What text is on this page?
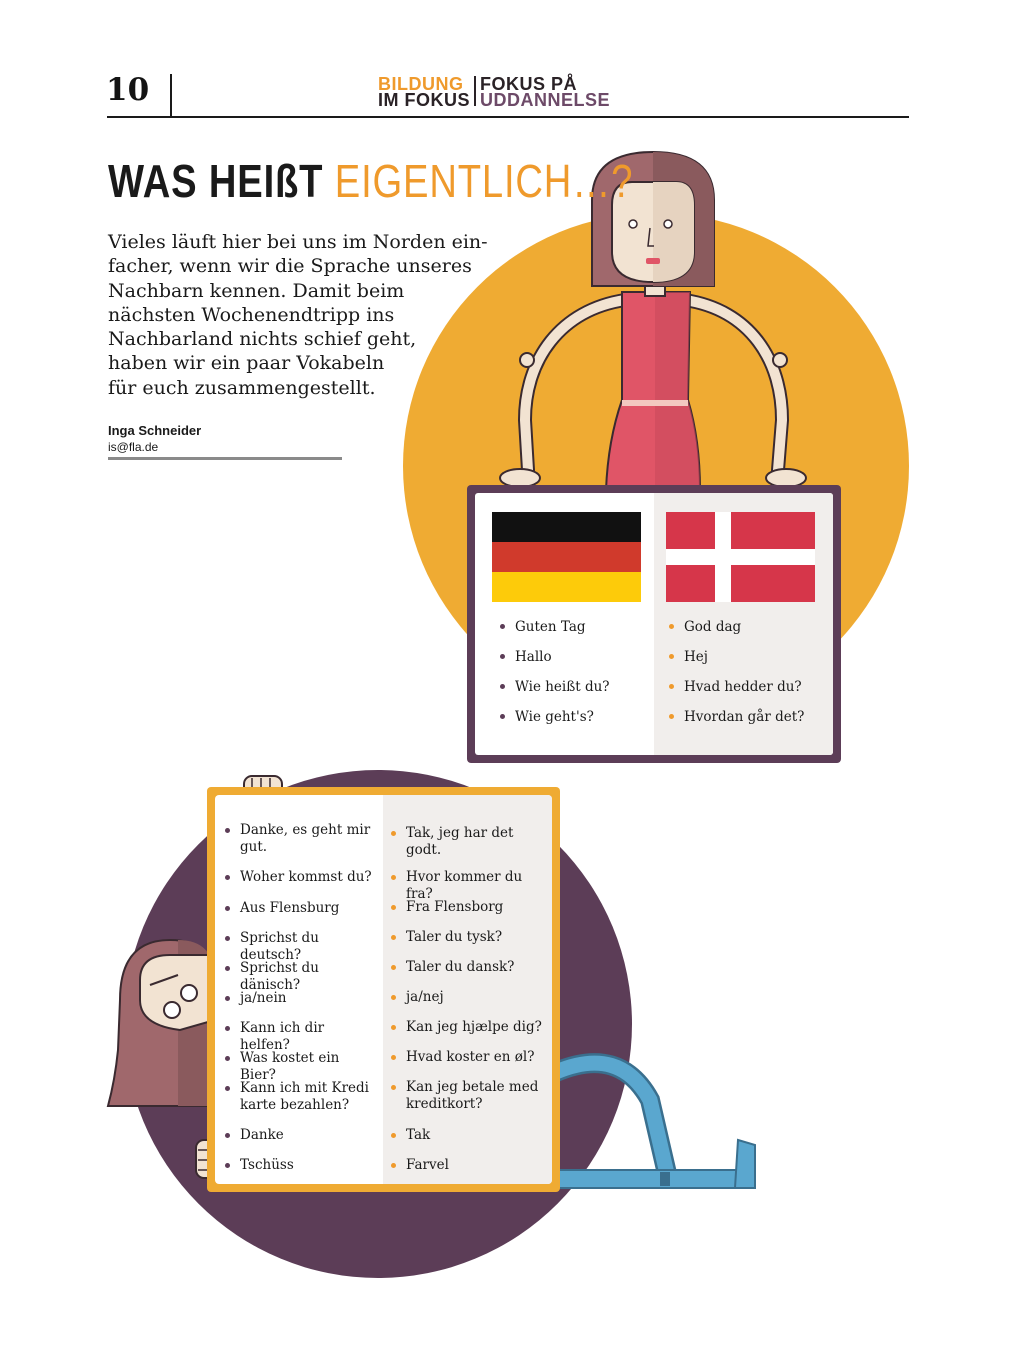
10	BILDUNG
IM FOKUSFOKUS PÅ
UDDANNELSE
WAS HEIßT EIGENTLICH…?
Vieles läuft hier bei uns im Norden ein-
facher, wenn wir die Sprache unseres
Nachbarn kennen. Damit beim
nächsten Wochenendtripp ins
Nachbarland nichts schief geht,
haben wir ein paar Vokabeln
für euch zusammengestellt.
Inga Schneider
is@fla.de
Guten Tag
Hallo
Wie heißt du?
Wie geht's?
God dag
Hej
Hvad hedder du?
Hvordan går det?
Danke, es geht mir gut.
Woher kommst du?
Aus Flensburg
Sprichst du deutsch?
Sprichst du dänisch?
ja/nein
Kann ich dir helfen?
Was kostet ein Bier?
Kann ich mit Kredi karte bezahlen?
Danke
Tschüss
Tak, jeg har det godt.
Hvor kommer du fra?
Fra Flensborg
Taler du tysk?
Taler du dansk?
ja/nej
Kan jeg hjælpe dig?
Hvad koster en øl?
Kan jeg betale med kreditkort?
Tak
Farvel
